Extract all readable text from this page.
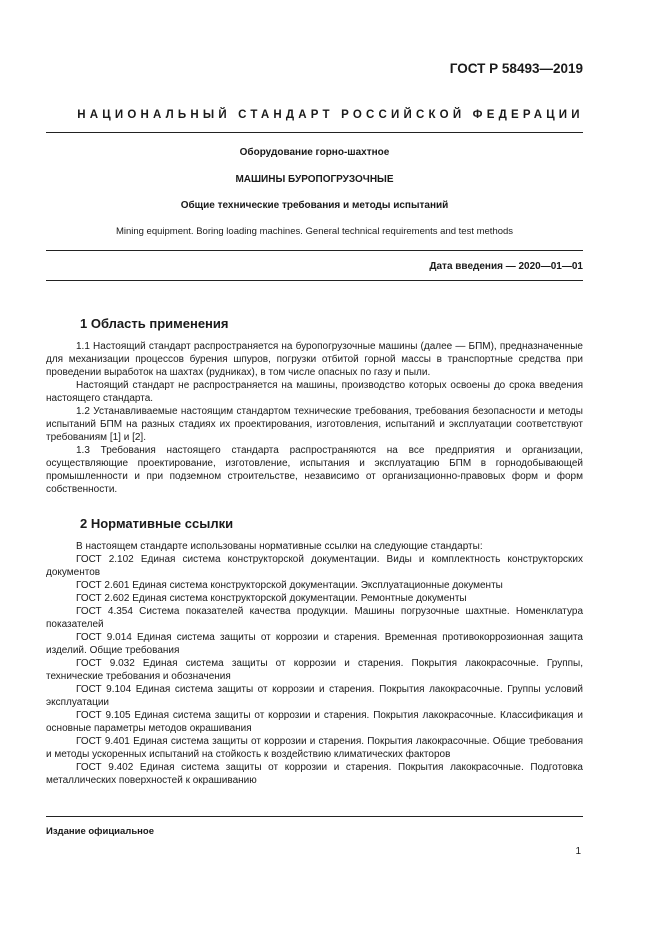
ГОСТ Р 58493—2019
НАЦИОНАЛЬНЫЙ СТАНДАРТ РОССИЙСКОЙ ФЕДЕРАЦИИ
Оборудование горно-шахтное
МАШИНЫ БУРОПОГРУЗОЧНЫЕ
Общие технические требования и методы испытаний
Mining equipment. Boring loading machines. General technical requirements and test methods
Дата введения — 2020—01—01
1 Область применения

1.1 Настоящий стандарт распространяется на буропогрузочные машины (далее — БПМ), предназначенные для механизации процессов бурения шпуров, погрузки отбитой горной массы в транспортные средства при проведении выработок на шахтах (рудниках), в том числе опасных по газу и пыли.

Настоящий стандарт не распространяется на машины, производство которых освоены до срока введения настоящего стандарта.

1.2 Устанавливаемые настоящим стандартом технические требования, требования безопасности и методы испытаний БПМ на разных стадиях их проектирования, изготовления, испытаний и эксплуатации соответствуют требованиям [1] и [2].

1.3 Требования настоящего стандарта распространяются на все предприятия и организации, осуществляющие проектирование, изготовление, испытания и эксплуатацию БПМ в горнодобывающей промышленности и при подземном строительстве, независимо от организационно-правовых форм и форм собственности.

2 Нормативные ссылки

В настоящем стандарте использованы нормативные ссылки на следующие стандарты:

ГОСТ 2.102 Единая система конструкторской документации. Виды и комплектность конструкторских документов

ГОСТ 2.601 Единая система конструкторской документации. Эксплуатационные документы

ГОСТ 2.602 Единая система конструкторской документации. Ремонтные документы

ГОСТ 4.354 Система показателей качества продукции. Машины погрузочные шахтные. Номенклатура показателей

ГОСТ 9.014 Единая система защиты от коррозии и старения. Временная противокоррозионная защита изделий. Общие требования

ГОСТ 9.032 Единая система защиты от коррозии и старения. Покрытия лакокрасочные. Группы, технические требования и обозначения

ГОСТ 9.104 Единая система защиты от коррозии и старения. Покрытия лакокрасочные. Группы условий эксплуатации

ГОСТ 9.105 Единая система защиты от коррозии и старения. Покрытия лакокрасочные. Классификация и основные параметры методов окрашивания

ГОСТ 9.401 Единая система защиты от коррозии и старения. Покрытия лакокрасочные. Общие требования и методы ускоренных испытаний на стойкость к воздействию климатических факторов

ГОСТ 9.402 Единая система защиты от коррозии и старения. Покрытия лакокрасочные. Подготовка металлических поверхностей к окрашиванию

Издание официальное
1
